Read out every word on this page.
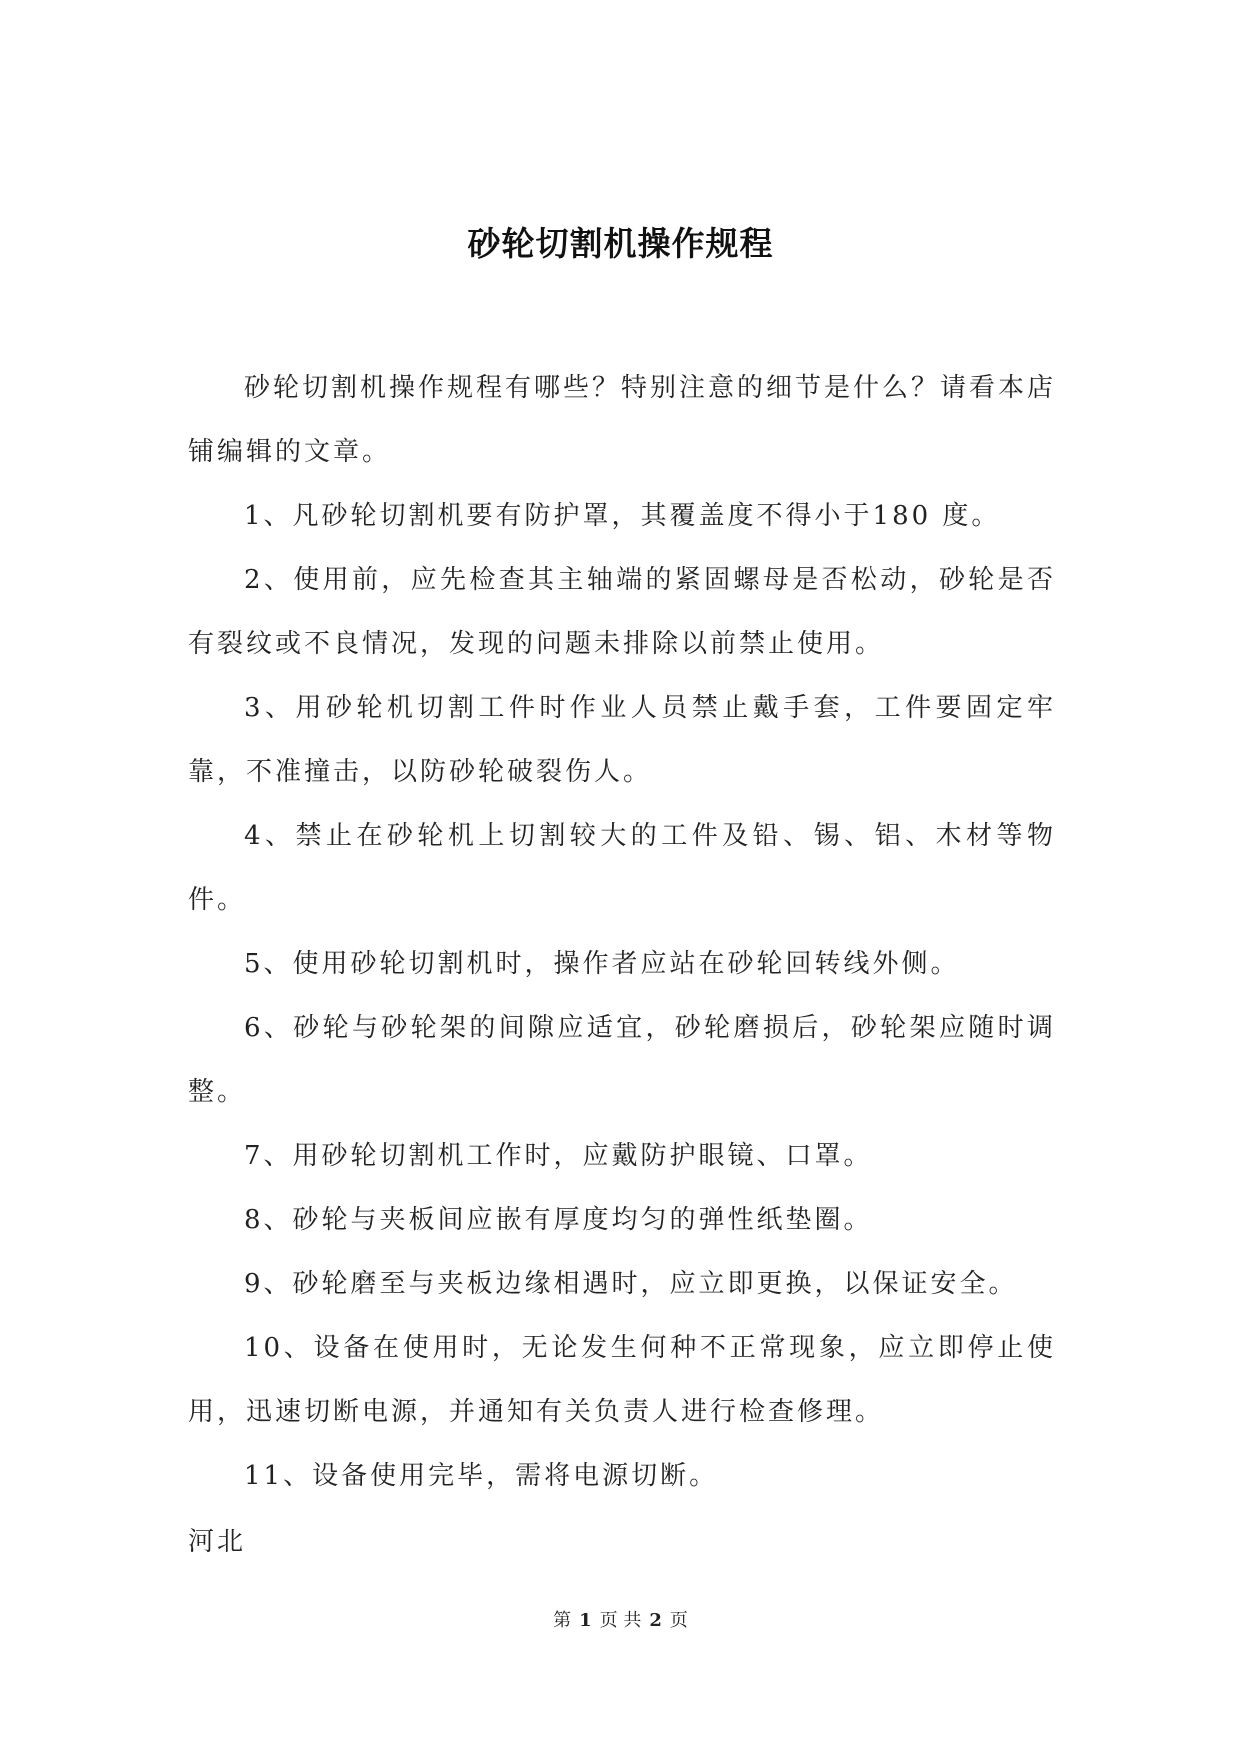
砂轮切割机操作规程

砂轮切割机操作规程有哪些？特别注意的细节是什么？请看本店铺编辑的文章。

1、凡砂轮切割机要有防护罩，其覆盖度不得小于180 度。

2、使用前，应先检查其主轴端的紧固螺母是否松动，砂轮是否有裂纹或不良情况，发现的问题未排除以前禁止使用。

3、用砂轮机切割工件时作业人员禁止戴手套，工件要固定牢靠，不准撞击，以防砂轮破裂伤人。

4、禁止在砂轮机上切割较大的工件及铅、锡、铝、木材等物件。

5、使用砂轮切割机时，操作者应站在砂轮回转线外侧。

6、砂轮与砂轮架的间隙应适宜，砂轮磨损后，砂轮架应随时调整。

7、用砂轮切割机工作时，应戴防护眼镜、口罩。

8、砂轮与夹板间应嵌有厚度均匀的弹性纸垫圈。

9、砂轮磨至与夹板边缘相遇时，应立即更换，以保证安全。

10、设备在使用时，无论发生何种不正常现象，应立即停止使用，迅速切断电源，并通知有关负责人进行检查修理。

11、设备使用完毕，需将电源切断。

河北
第 1 页 共 2 页
